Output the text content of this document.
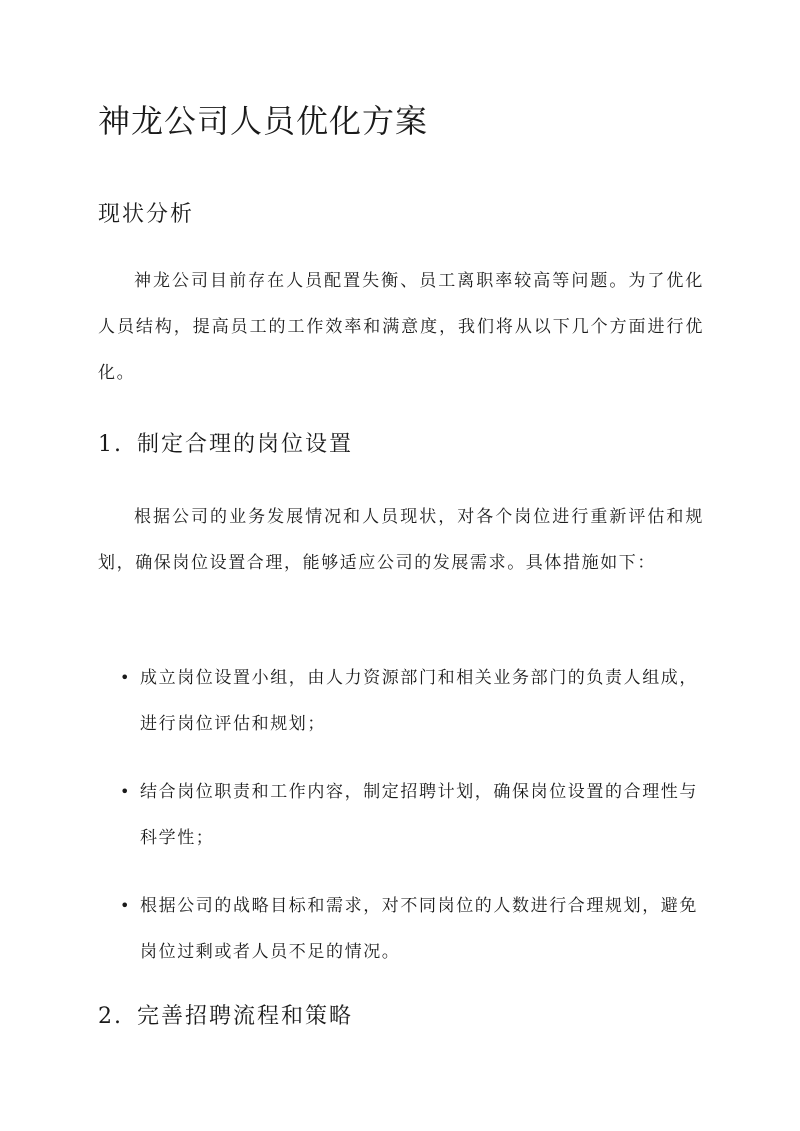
神龙公司人员优化方案
现状分析

神龙公司目前存在人员配置失衡、员工离职率较高等问题。为了优化人员结构，提高员工的工作效率和满意度，我们将从以下几个方面进行优化。

1. 制定合理的岗位设置

根据公司的业务发展情况和人员现状，对各个岗位进行重新评估和规划，确保岗位设置合理，能够适应公司的发展需求。具体措施如下：

• 成立岗位设置小组，由人力资源部门和相关业务部门的负责人组成，进行岗位评估和规划；
• 结合岗位职责和工作内容，制定招聘计划，确保岗位设置的合理性与科学性；
• 根据公司的战略目标和需求，对不同岗位的人数进行合理规划，避免岗位过剩或者人员不足的情况。
2. 完善招聘流程和策略
